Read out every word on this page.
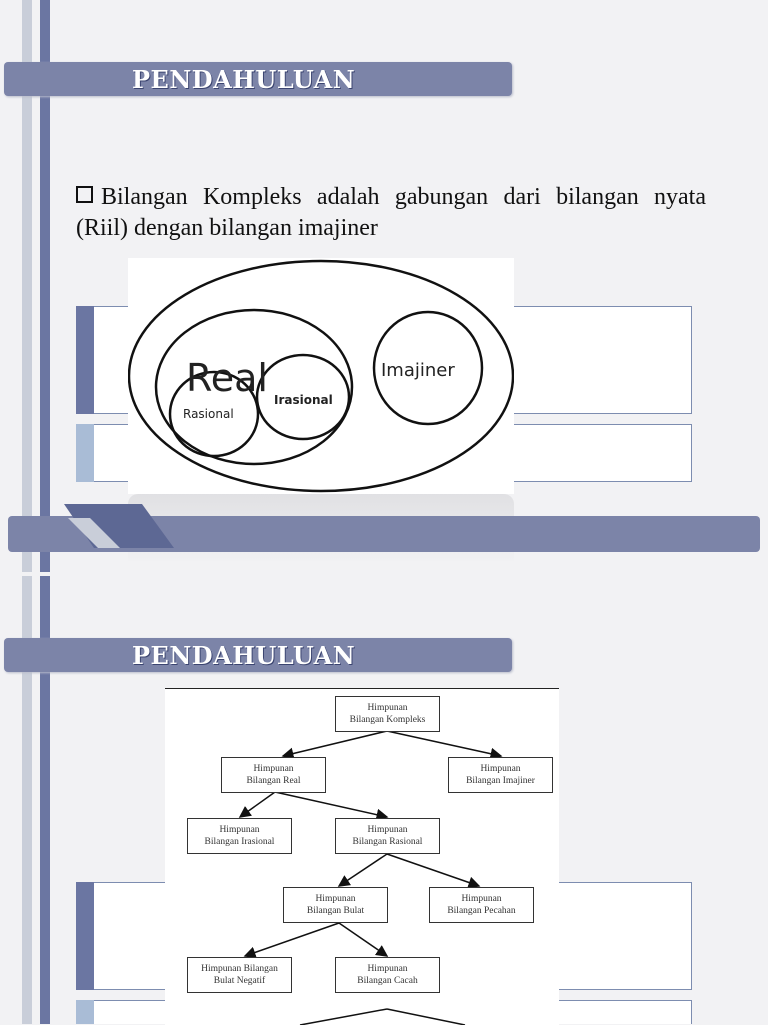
PENDAHULUAN
Bilangan Kompleks adalah gabungan dari bilangan nyata (Riil) dengan bilangan imajiner
Real
Rasional
Irasional
Imajiner
PENDAHULUAN
Himpunan
Bilangan Kompleks
Himpunan
Bilangan Real
Himpunan
Bilangan Imajiner
Himpunan
Bilangan Irasional
Himpunan
Bilangan Rasional
Himpunan
Bilangan Bulat
Himpunan
Bilangan Pecahan
Himpunan Bilangan
Bulat Negatif
Himpunan
Bilangan Cacah
